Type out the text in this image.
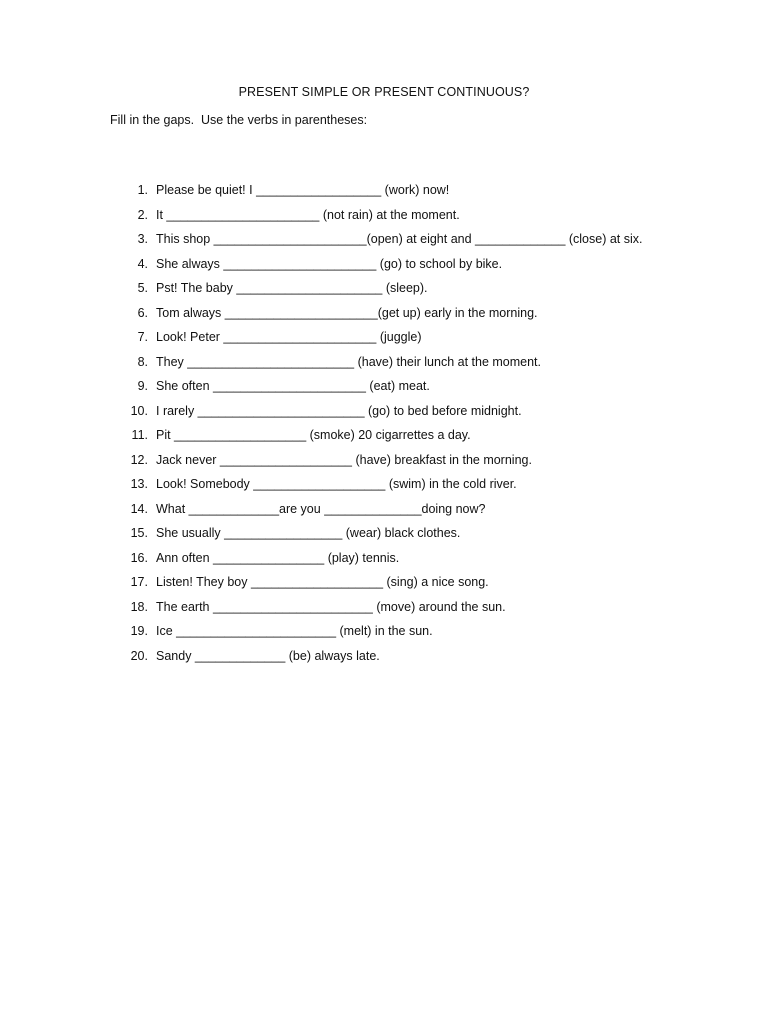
PRESENT SIMPLE OR PRESENT CONTINUOUS?
Fill in the gaps.  Use the verbs in parentheses:
1. Please be quiet! I __________________ (work) now!
2. It ______________________ (not rain) at the moment.
3. This shop ______________________(open) at eight and _____________ (close) at six.
4. She always ______________________ (go) to school by bike.
5. Pst! The baby _____________________ (sleep).
6. Tom always ______________________(get up) early in the morning.
7. Look! Peter ______________________ (juggle)
8. They ________________________ (have) their lunch at the moment.
9. She often ______________________ (eat) meat.
10. I rarely ________________________ (go) to bed before midnight.
11. Pit ___________________ (smoke) 20 cigarrettes a day.
12. Jack never ___________________ (have) breakfast in the morning.
13. Look! Somebody ___________________ (swim) in the cold river.
14. What _____________are you ______________doing now?
15. She usually _________________ (wear) black clothes.
16. Ann often ________________ (play) tennis.
17. Listen! They boy ___________________ (sing) a nice song.
18. The earth _______________________ (move) around the sun.
19. Ice _______________________ (melt) in the sun.
20. Sandy _____________ (be) always late.
